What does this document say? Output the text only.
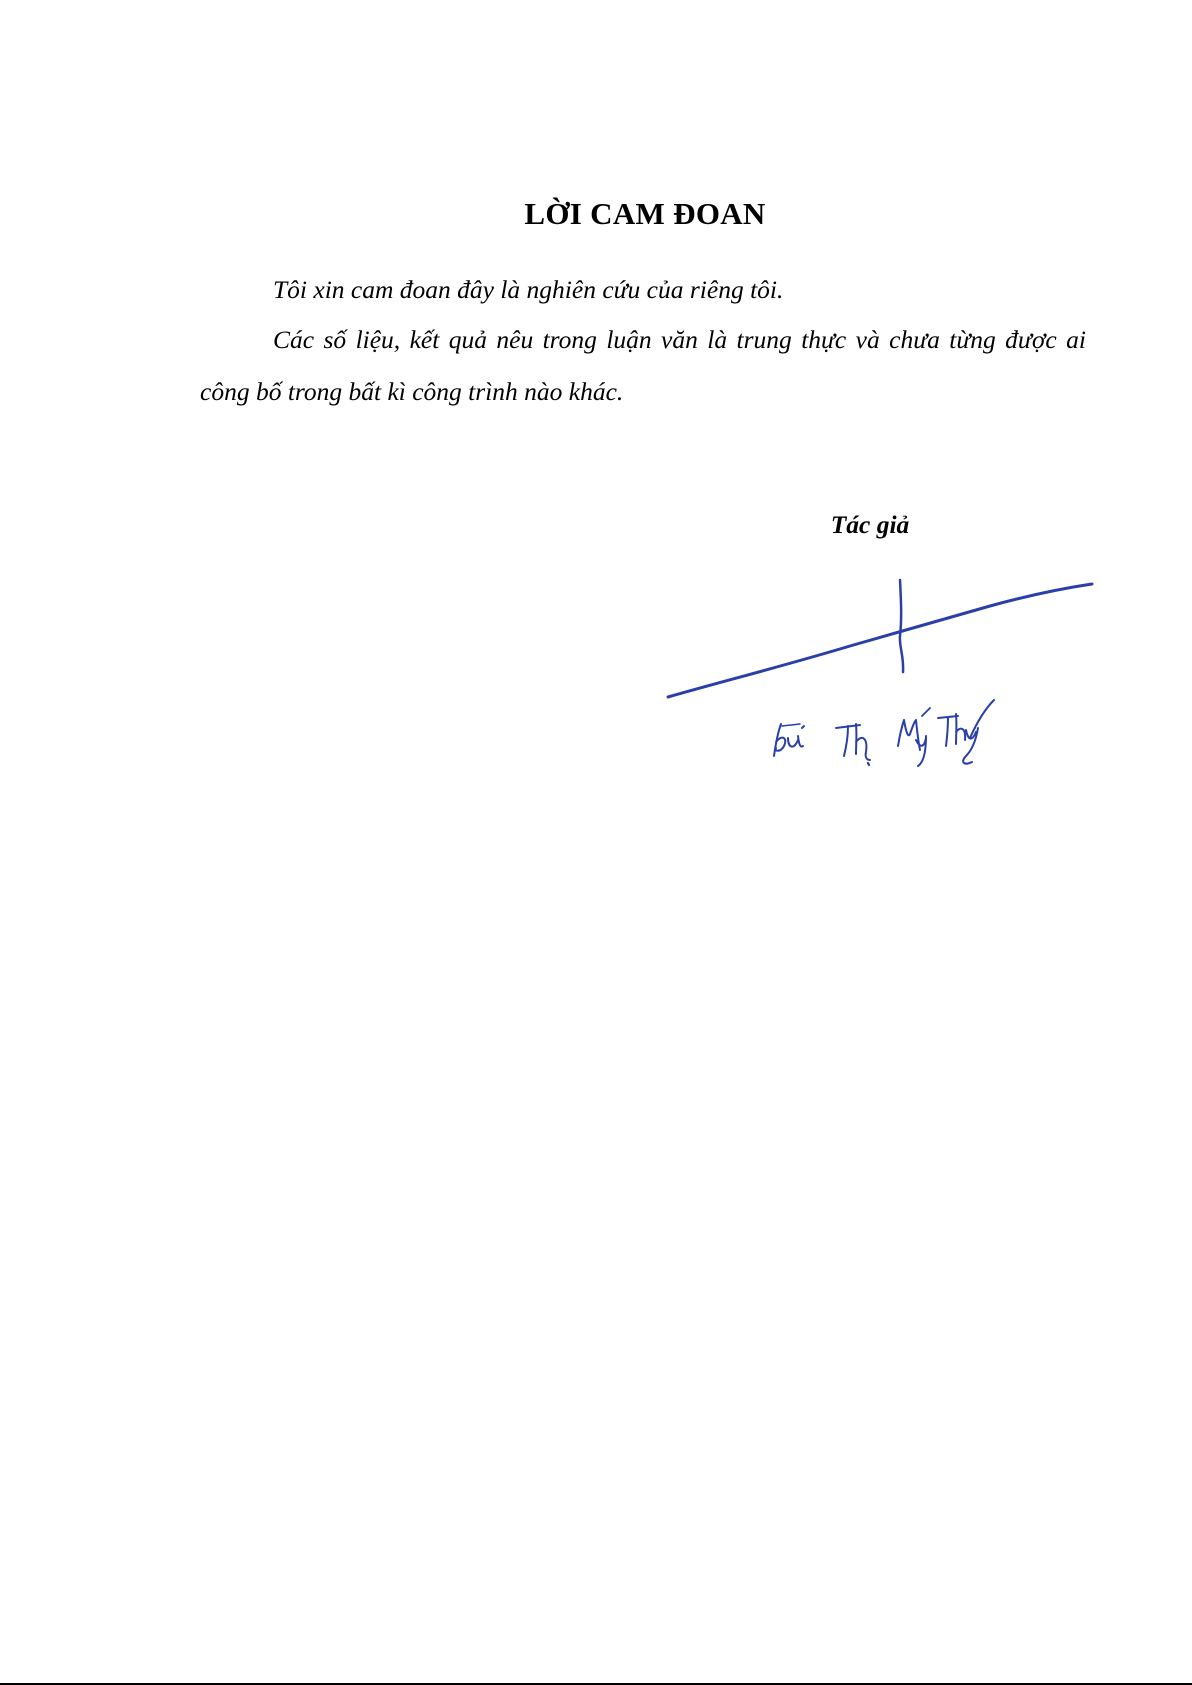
LỜI CAM ĐOAN

Tôi xin cam đoan đây là nghiên cứu của riêng tôi.

Các số liệu, kết quả nêu trong luận văn là trung thực và chưa từng được ai công bố trong bất kì công trình nào khác.

Tác giả
